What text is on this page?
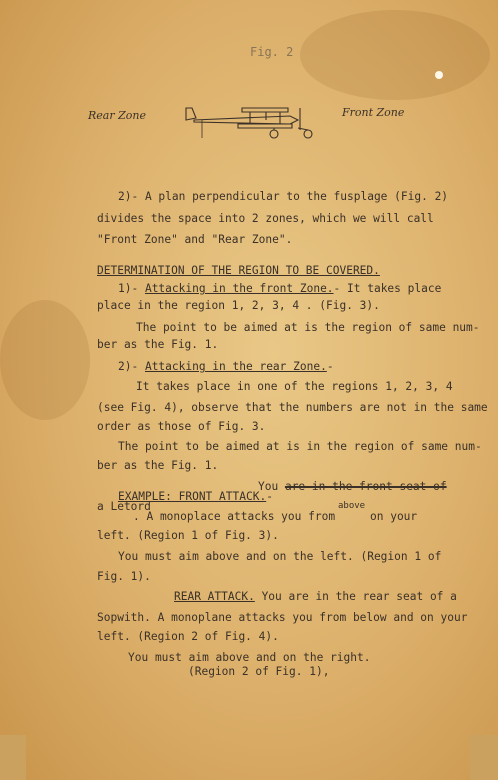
Fig. 2
Rear Zone	Front Zone
2)- A plan perpendicular to the fusplage (Fig. 2)
divides the space into 2 zones, which we will call
"Front Zone" and "Rear Zone".
DETERMINATION OF THE REGION TO BE COVERED.
1)- Attacking in the front Zone.- It takes place
place in the region 1, 2, 3, 4 . (Fig. 3).
The point to be aimed at is the region of same num-
ber as the Fig. 1.
2)- Attacking in the rear Zone.-
It takes place in one of the regions 1, 2, 3, 4
(see Fig. 4), observe that the numbers are not in the same
order as those of Fig. 3.
The point to be aimed at is in the region of same num-
ber as the Fig. 1.
You are in the front seat of
EXAMPLE: FRONT ATTACK.-
a Letord	above
. A monoplace attacks you from	on your
left. (Region 1 of Fig. 3).
You must aim above and on the left. (Region 1 of
Fig. 1).
REAR ATTACK. You are in the rear seat of a
Sopwith. A monoplane attacks you from below and on your
left. (Region 2 of Fig. 4).
You must aim above and on the right.
(Region 2 of Fig. 1),
